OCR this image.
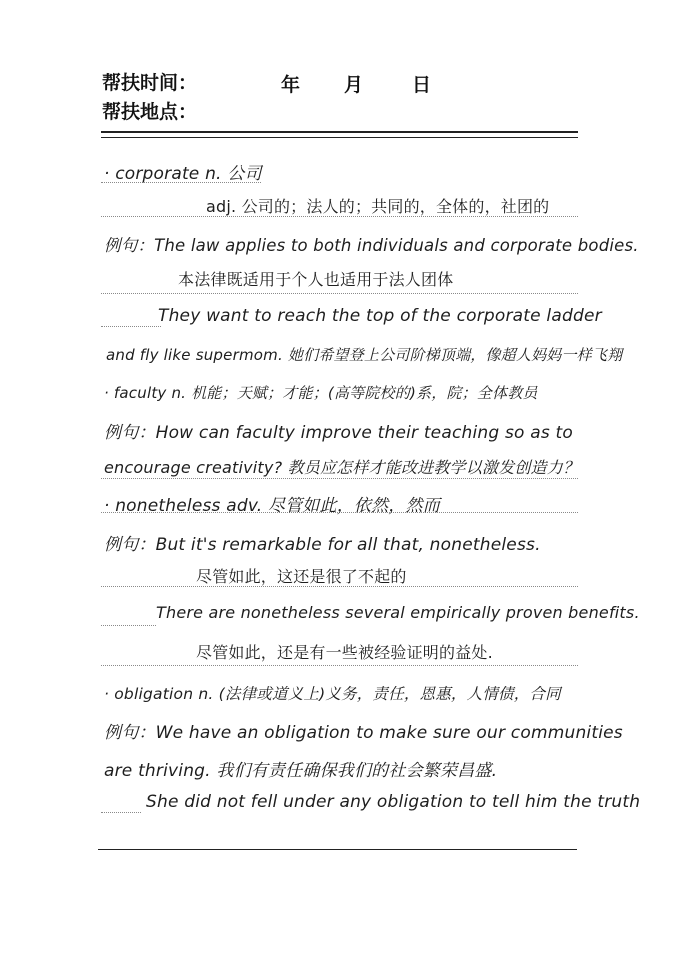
帮扶时间：	年 月	日
帮扶地点：
· corporate n. 公司
adj. 公司的；法人的；共同的，全体的，社团的
例句：The law applies to both individuals and corporate bodies.
本法律既适用于个人也适用于法人团体
They want to reach the top of the corporate ladder
and fly like supermom. 她们希望登上公司阶梯顶端，像超人妈妈一样飞翔
· faculty n. 机能；天赋；才能；(高等院校的)系，院；全体教员
例句：How can faculty improve their teaching so as to
encourage creativity? 教员应怎样才能改进教学以激发创造力？
· nonetheless adv. 尽管如此，依然，然而
例句：But it's remarkable for all that, nonetheless.
尽管如此，这还是很了不起的
There are nonetheless several empirically proven benefits.
尽管如此，还是有一些被经验证明的益处.
· obligation n. (法律或道义上)义务，责任，恩惠，人情债，合同
例句：We have an obligation to make sure our communities
are thriving. 我们有责任确保我们的社会繁荣昌盛.
She did not fell under any obligation to tell him the truth
